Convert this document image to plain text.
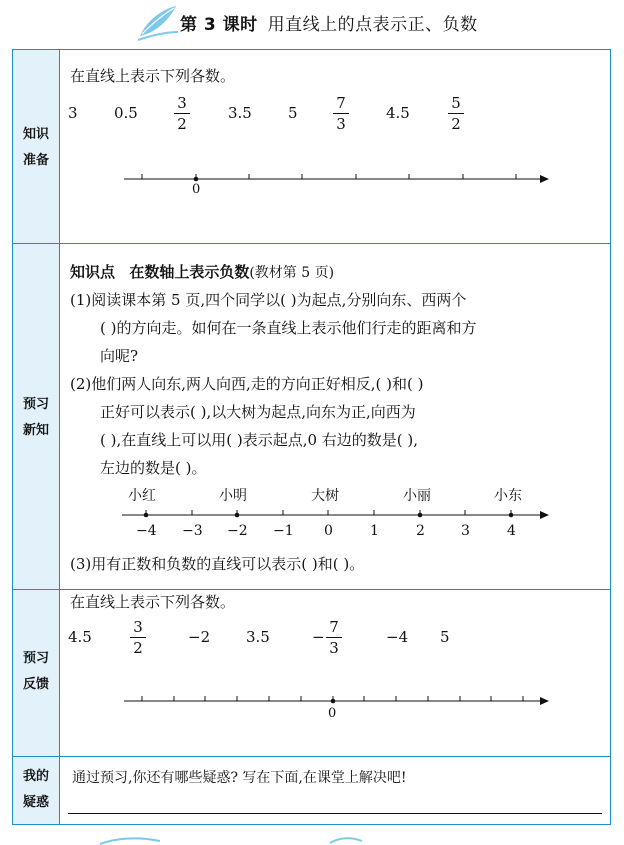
第 3 课时 用直线上的点表示正、负数
知识
准备
在直线上表示下列各数。
3 0.5
3
2
3.5 5
7
3
4.5
5
2
0
预习
新知
知识点 在数轴上表示负数(教材第 5 页)
(1)阅读课本第 5 页,四个同学以( )为起点,分别向东、西两个
( )的方向走。如何在一条直线上表示他们行走的距离和方
向呢?
(2)他们两人向东,两人向西,走的方向正好相反,( )和( )
正好可以表示( ),以大树为起点,向东为正,向西为
( ),在直线上可以用( )表示起点,0 右边的数是( ),
左边的数是( )。
小红	小明	大树	小丽	小东
−4 −3 −2 −1 0	1	2	3	4
(3)用有正数和负数的直线可以表示( )和( )。
预习
反馈
在直线上表示下列各数。
4.5
3
2
−2 3.5	−
7
3
−4 5
0
我的
疑惑
通过预习,你还有哪些疑惑? 写在下面,在课堂上解决吧!
